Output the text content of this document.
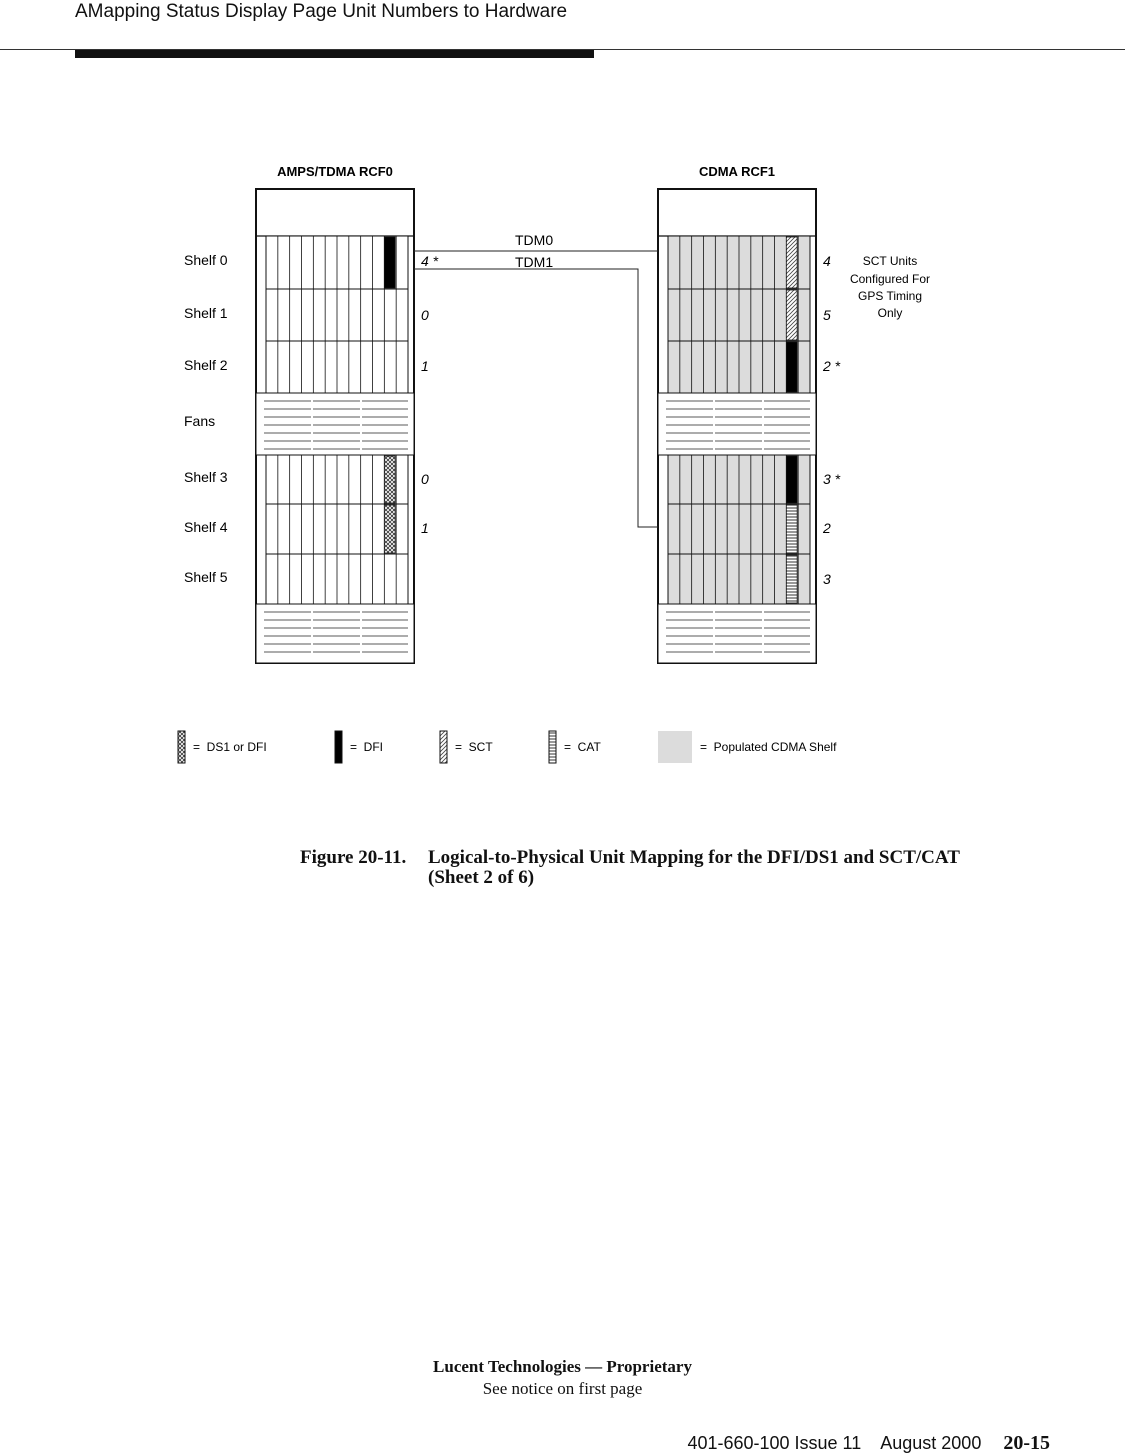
AMapping Status Display Page Unit Numbers to Hardware
AMPS/TDMA RCF0	CDMA RCF1
Shelf 0
Shelf 1
Shelf 2
Fans
Shelf 3
Shelf 4
Shelf 5
TDM0
TDM1
4 *
0
1
0
1
4
5
2 *
3 *
2
3
SCT Units
Configured For
GPS Timing
Only
=  DS1 or DFI	=  DFI	=  SCT	=  CAT	=  Populated CDMA Shelf
Figure 20-11. Logical-to-Physical Unit Mapping for the DFI/DS1 and SCT/CAT
(Sheet 2 of 6)
Lucent Technologies — Proprietary
See notice on first page
401-660-100 Issue 11    August 2000 20-15
